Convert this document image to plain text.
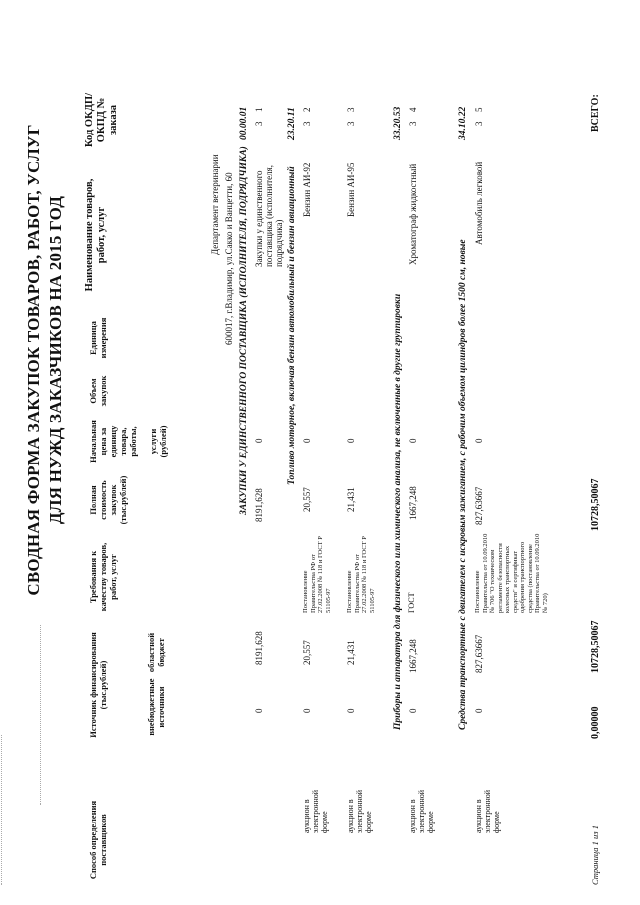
СВОДНАЯ ФОРМА ЗАКУПОК ТОВАРОВ, РАБОТ, УСЛУГ ДЛЯ НУЖД ЗАКАЗЧИКОВ НА 2015 ГОД
Код ОКДП/ ОКПД № заказа
Наименование товаров, работ, услуг
Единица измерения
Объем закупок
Начальная цена за единицу товара, работы, услуги (рублей)
Полная стоимость закупок (тыс.рублей)
Требования к качеству товаров, работ, услуг
Источник финансирования (тыс.рублей)
областной бюджет
внебюджетные источники
Способ определения поставщиков
Департамент ветеринарии 600017, г.Владимир, ул.Сакко и Ванцетти, 60
00.00.01
ЗАКУПКИ У ЕДИНСТВЕННОГО ПОСТАВЩИКА (ИСПОЛНИТЕЛЯ, ПОДРЯДЧИКА)
3
1
Закупки у единственного поставщика (исполнителя, подрядчика)
0
8191,628
8191,628
0
23.20.11
Топливо моторное, включая бензин автомобильный и бензин авиационный
3
2
Бензин АИ-92
0
20,557
Постановление Правительства РФ от 27.02.2008 № 118 и ГОСТ Р 51105-97
20,557
0
аукцион в электронной форме
3
3
Бензин АИ-95
0
21,431
Постановление Правительства РФ от 27.02.2008 № 118 и ГОСТ Р 51105-97
21,431
0
аукцион в электронной форме
33.20.53
Приборы и аппаратура для физического или химического анализа, не включенные в другие группировки
3
4
Хроматограф жидкостный
0
1667,248
ГОСТ
1667,248
0
аукцион в электронной форме
34.10.22
Средства транспортные с двигателем с искровым зажиганием, с рабочим объемом цилиндров более 1500 см, новые
3
5
Автомобиль легковой
0
827,63667
Постановление Правительства от 10.09.2010 № 706 "О техническом регламенте безопасности колесных транспортных средств" и сертификат одобрения транспортного средства (постановление Правительства от 10.09.2010 № 720)
827,63667
0
аукцион в электронной форме
ВСЕГО:
10728,50067
10728,50067
0,00000
Страница 1 из 1
